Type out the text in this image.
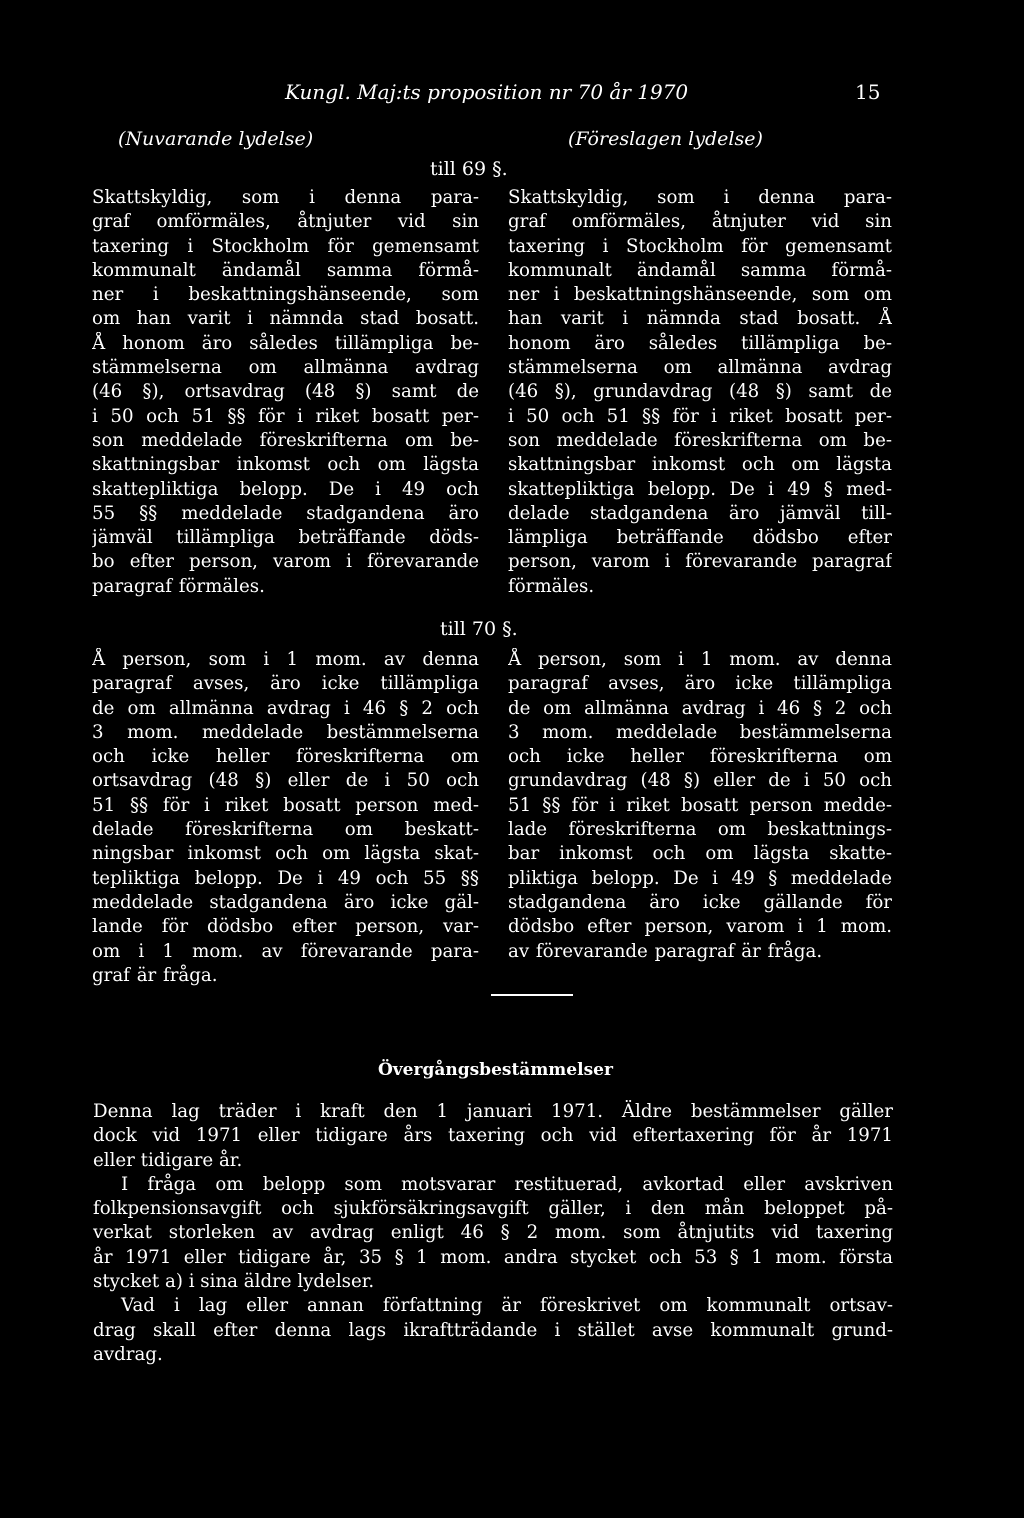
Kungl. Maj:ts proposition nr 70 år 1970	15
(Nuvarande lydelse)	(Föreslagen lydelse)
till 69 §.
Skattskyldig, som i denna para-
graf omförmäles, åtnjuter vid sin
taxering i Stockholm för gemensamt
kommunalt ändamål samma förmå-
ner i beskattningshänseende, som
om han varit i nämnda stad bosatt.
Å honom äro således tillämpliga be-
stämmelserna om allmänna avdrag
(46 §), ortsavdrag (48 §) samt de
i 50 och 51 §§ för i riket bosatt per-
son meddelade föreskrifterna om be-
skattningsbar inkomst och om lägsta
skattepliktiga belopp. De i 49 och
55 §§ meddelade stadgandena äro
jämväl tillämpliga beträffande döds-
bo efter person, varom i förevarande
paragraf förmäles.
Skattskyldig, som i denna para-
graf omförmäles, åtnjuter vid sin
taxering i Stockholm för gemensamt
kommunalt ändamål samma förmå-
ner i beskattningshänseende, som om
han varit i nämnda stad bosatt. Å
honom äro således tillämpliga be-
stämmelserna om allmänna avdrag
(46 §), grundavdrag (48 §) samt de
i 50 och 51 §§ för i riket bosatt per-
son meddelade föreskrifterna om be-
skattningsbar inkomst och om lägsta
skattepliktiga belopp. De i 49 § med-
delade stadgandena äro jämväl till-
lämpliga beträffande dödsbo efter
person, varom i förevarande paragraf
förmäles.
till 70 §.
Å person, som i 1 mom. av denna
paragraf avses, äro icke tillämpliga
de om allmänna avdrag i 46 § 2 och
3 mom. meddelade bestämmelserna
och icke heller föreskrifterna om
ortsavdrag (48 §) eller de i 50 och
51 §§ för i riket bosatt person med-
delade föreskrifterna om beskatt-
ningsbar inkomst och om lägsta skat-
tepliktiga belopp. De i 49 och 55 §§
meddelade stadgandena äro icke gäl-
lande för dödsbo efter person, var-
om i 1 mom. av förevarande para-
graf är fråga.
Å person, som i 1 mom. av denna
paragraf avses, äro icke tillämpliga
de om allmänna avdrag i 46 § 2 och
3 mom. meddelade bestämmelserna
och icke heller föreskrifterna om
grundavdrag (48 §) eller de i 50 och
51 §§ för i riket bosatt person medde-
lade föreskrifterna om beskattnings-
bar inkomst och om lägsta skatte-
pliktiga belopp. De i 49 § meddelade
stadgandena äro icke gällande för
dödsbo efter person, varom i 1 mom.
av förevarande paragraf är fråga.
Övergångsbestämmelser
Denna lag träder i kraft den 1 januari 1971. Äldre bestämmelser gäller
dock vid 1971 eller tidigare års taxering och vid eftertaxering för år 1971
eller tidigare år.
I fråga om belopp som motsvarar restituerad, avkortad eller avskriven
folkpensionsavgift och sjukförsäkringsavgift gäller, i den mån beloppet på-
verkat storleken av avdrag enligt 46 § 2 mom. som åtnjutits vid taxering
år 1971 eller tidigare år, 35 § 1 mom. andra stycket och 53 § 1 mom. första
stycket a) i sina äldre lydelser.
Vad i lag eller annan författning är föreskrivet om kommunalt ortsav-
drag skall efter denna lags ikraftträdande i stället avse kommunalt grund-
avdrag.
